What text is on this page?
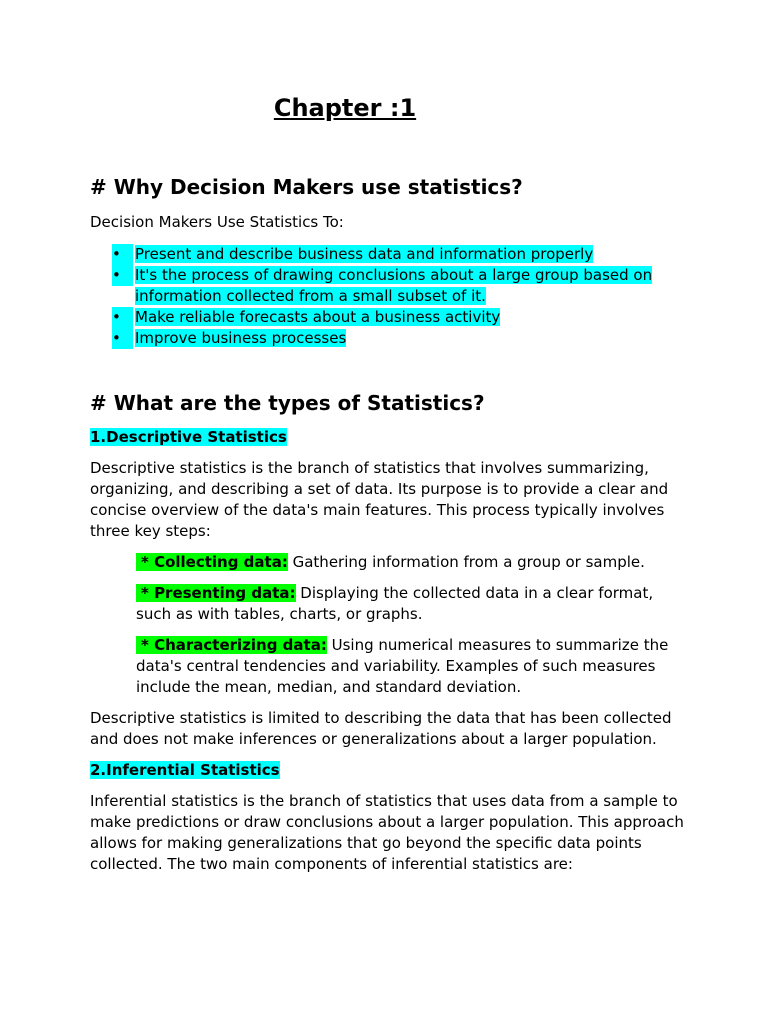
Chapter :1
# Why Decision Makers use statistics?

Decision Makers Use Statistics To:

• Present and describe business data and information properly
• It's the process of drawing conclusions about a large group based on information collected from a small subset of it.
• Make reliable forecasts about a business activity
• Improve business processes
# What are the types of Statistics?

1.Descriptive Statistics

Descriptive statistics is the branch of statistics that involves summarizing, organizing, and describing a set of data. Its purpose is to provide a clear and concise overview of the data's main features. This process typically involves three key steps:

* Collecting data: Gathering information from a group or sample.

* Presenting data: Displaying the collected data in a clear format, such as with tables, charts, or graphs.

* Characterizing data: Using numerical measures to summarize the data's central tendencies and variability. Examples of such measures include the mean, median, and standard deviation.

Descriptive statistics is limited to describing the data that has been collected and does not make inferences or generalizations about a larger population.

2.Inferential Statistics

Inferential statistics is the branch of statistics that uses data from a sample to make predictions or draw conclusions about a larger population. This approach allows for making generalizations that go beyond the specific data points collected. The two main components of inferential statistics are:
